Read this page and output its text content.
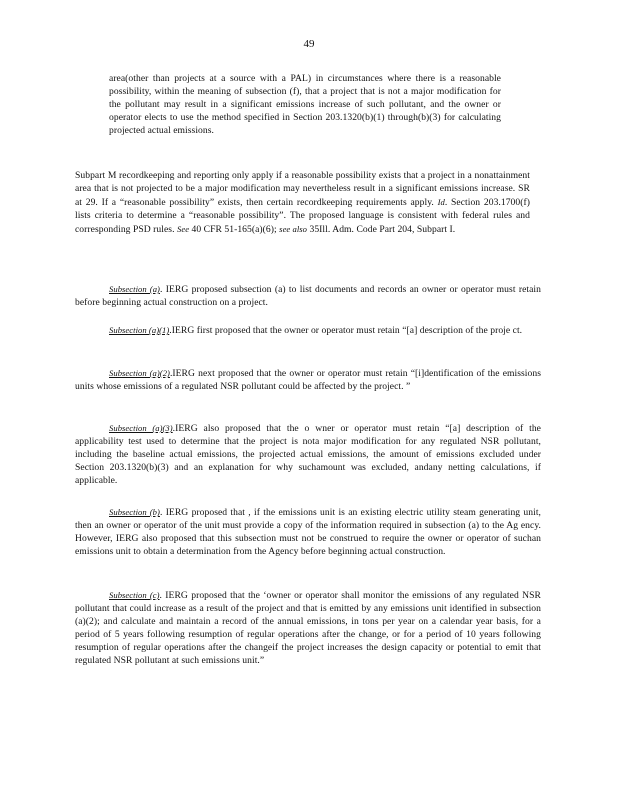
49
area(other than projects at a source with a PAL) in circumstances where there is a reasonable possibility, within the meaning of subsection (f), that a project that is not a major modification for the pollutant may result in a significant emissions increase of such pollutant, and the owner or operator elects to use the method specified in Section 203.1320(b)(1) through(b)(3) for calculating projected actual emissions.
Subpart M recordkeeping and reporting only apply if a reasonable possibility exists that a project in a nonattainment area that is not projected to be a major modification may nevertheless result in a significant emissions increase. SR at 29. If a “reasonable possibility” exists, then certain recordkeeping requirements apply. Id. Section 203.1700(f) lists criteria to determine a “reasonable possibility”. The proposed language is consistent with federal rules and corresponding PSD rules. See 40 CFR 51-165(a)(6); see also 35Ill. Adm. Code Part 204, Subpart I.
Subsection (a). IERG proposed subsection (a) to list documents and records an owner or operator must retain before beginning actual construction on a project.
Subsection (a)(1).IERG first proposed that the owner or operator must retain “[a] description of the proje ct.
Subsection (a)(2).IERG next proposed that the owner or operator must retain “[i]dentification of the emissions units whose emissions of a regulated NSR pollutant could be affected by the project. ”
Subsection (a)(3).IERG also proposed that the o wner or operator must retain “[a] description of the applicability test used to determine that the project is nota major modification for any regulated NSR pollutant, including the baseline actual emissions, the projected actual emissions, the amount of emissions excluded under Section 203.1320(b)(3) and an explanation for why suchamount was excluded, andany netting calculations, if applicable.
Subsection (b). IERG proposed that , if the emissions unit is an existing electric utility steam generating unit, then an owner or operator of the unit must provide a copy of the information required in subsection (a) to the Ag ency. However, IERG also proposed that this subsection must not be construed to require the owner or operator of suchan emissions unit to obtain a determination from the Agency before beginning actual construction.
Subsection (c). IERG proposed that the ‘owner or operator shall monitor the emissions of any regulated NSR pollutant that could increase as a result of the project and that is emitted by any emissions unit identified in subsection (a)(2); and calculate and maintain a record of the annual emissions, in tons per year on a calendar year basis, for a period of 5 years following resumption of regular operations after the change, or for a period of 10 years following resumption of regular operations after the changeif the project increases the design capacity or potential to emit that regulated NSR pollutant at such emissions unit.”
